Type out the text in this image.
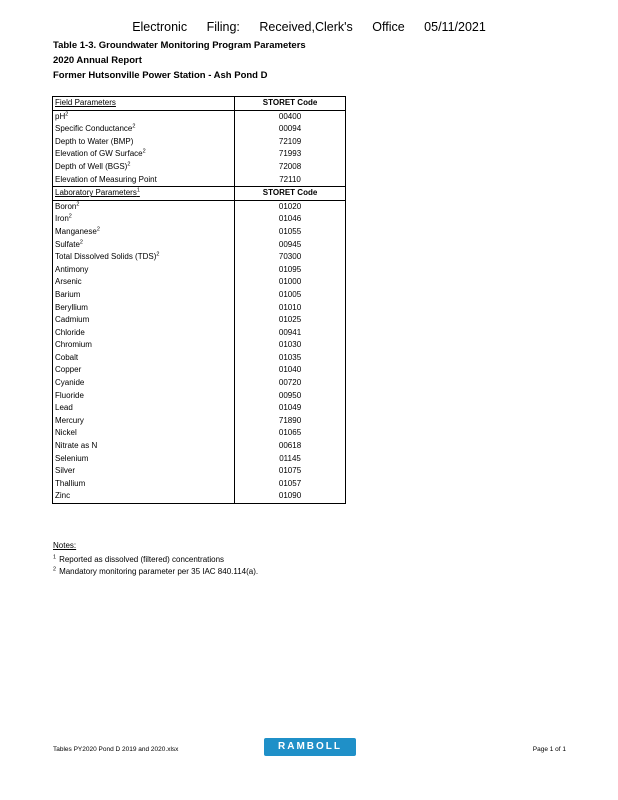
Electronic Filing: Received,Clerk's Office 05/11/2021
Table 1-3. Groundwater Monitoring Program Parameters
2020 Annual Report
Former Hutsonville Power Station - Ash Pond D
Field Parameters	STORET Code
$pH^2$	00400
Specific Conductance$^2$	00094
Depth to Water (BMP)	72109
Elevation of GW Surface$^2$	71993
Depth of Well (BGS)$^2$	72008
Elevation of Measuring Point	72110
Laboratory Parameters$^1$	STORET Code
Boron$^2$	01020
Iron$^2$	01046
Manganese$^2$	01055
Sulfate$^2$	00945
Total Dissolved Solids (TDS)$^2$	70300
Antimony	01095
Arsenic	01000
Barium	01005
Beryllium	01010
Cadmium	01025
Chloride	00941
Chromium	01030
Cobalt	01035
Copper	01040
Cyanide	00720
Fluoride	00950
Lead	01049
Mercury	71890
Nickel	01065
Nitrate as N	00618
Selenium	01145
Silver	01075
Thallium	01057
Zinc	01090
Notes:
$^1$ Reported as dissolved (filtered) concentrations
$^2$ Mandatory monitoring parameter per 35 IAC 840.114(a).
Tables PY2020 Pond D 2019 and 2020.xlsx	RAMBOLL	Page 1 of 1
